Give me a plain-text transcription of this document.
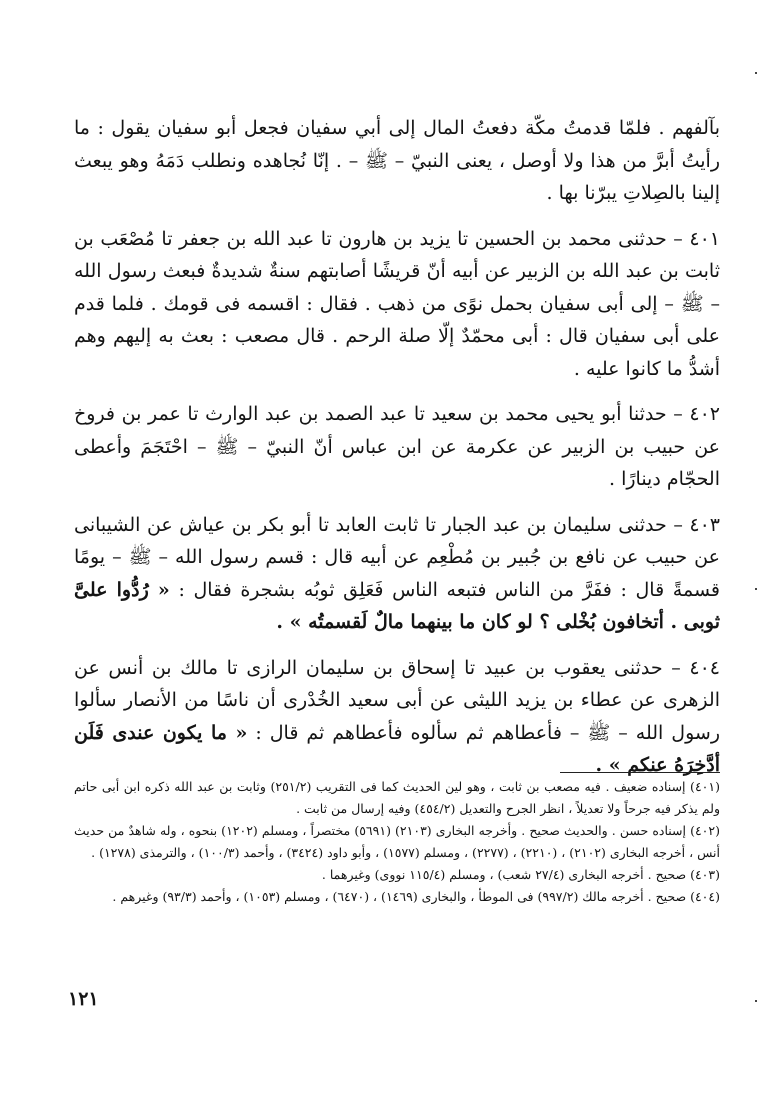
بآلفهم . فلمّا قدمتُ مكّة دفعتُ المال إلى أبي سفيان فجعل أبو سفيان يقول : ما رأيتُ أبرَّ من هذا ولا أوصل ، يعنى النبيّ – ﷺ – . إنّا نُجاهده ونطلب دَمَهُ وهو يبعث إلينا بالصِلاتِ يبرّنا بها .

٤٠١ – حدثنى محمد بن الحسين تا يزيد بن هارون تا عبد الله بن جعفر تا مُصْعَب بن ثابت بن عبد الله بن الزبير عن أبيه أنّ قريشًا أصابتهم سنةٌ شديدةٌ فبعث رسول الله – ﷺ – إلى أبى سفيان بحمل نوًى من ذهب . فقال : اقسمه فى قومك . فلما قدم على أبى سفيان قال : أبى محمّدٌ إلّا صلة الرحم . قال مصعب : بعث به إليهم وهم أشدُّ ما كانوا عليه .

٤٠٢ – حدثنا أبو يحيى محمد بن سعيد تا عبد الصمد بن عبد الوارث تا عمر بن فروخ عن حبيب بن الزبير عن عكرمة عن ابن عباس أنّ النبيّ – ﷺ – احْتَجَمَ وأعطى الحجّام دينارًا .

٤٠٣ – حدثنى سليمان بن عبد الجبار تا ثابت العابد تا أبو بكر بن عياش عن الشيبانى عن حبيب عن نافع بن جُبير بن مُطْعِم عن أبيه قال : قسم رسول الله – ﷺ – يومًا قسمةً قال : ففَرَّ من الناس فتبعه الناس فَعَلِق ثوبُه بشجرة فقال : « رُدُّوا علىَّ ثوبى . أتخافون بُخْلى ؟ لو كان ما بينهما مالٌ لَقسمتُه » .

٤٠٤ – حدثنى يعقوب بن عبيد تا إسحاق بن سليمان الرازى تا مالك بن أنس عن الزهرى عن عطاء بن يزيد الليثى عن أبى سعيد الخُدْرى أن ناسًا من الأنصار سألوا رسول الله – ﷺ – فأعطاهم ثم سألوه فأعطاهم ثم قال : « ما يكون عندى فَلَن أدَّخِرَهُ عنكم » .

(٤٠١) إسناده ضعيف . فيه مصعب بن ثابت ، وهو لين الحديث كما فى التقريب (٢٥١/٢) وثابت بن عبد الله ذكره ابن أبى حاتم ولم يذكر فيه جرحاً ولا تعديلاً ، انظر الجرح والتعديل (٤٥٤/٢) وفيه إرسال من ثابت .

(٤٠٢) إسناده حسن . والحديث صحيح . وأخرجه البخارى (٢١٠٣) (٥٦٩١) مختصراً ، ومسلم (١٢٠٢) بنحوه ، وله شاهدٌ من حديث أنس ، أخرجه البخارى (٢١٠٢) ، (٢٢١٠) ، (٢٢٧٧) ، ومسلم (١٥٧٧) ، وأبو داود (٣٤٢٤) ، وأحمد (١٠٠/٣) ، والترمذى (١٢٧٨) .

(٤٠٣) صحيح . أخرجه البخارى (٢٧/٤ شعب) ، ومسلم (١١٥/٤ نووى) وغيرهما .

(٤٠٤) صحيح . أخرجه مالك (٩٩٧/٢) فى الموطأ ، والبخارى (١٤٦٩) ، (٦٤٧٠) ، ومسلم (١٠٥٣) ، وأحمد (٩٣/٣) وغيرهم .

١٢١
